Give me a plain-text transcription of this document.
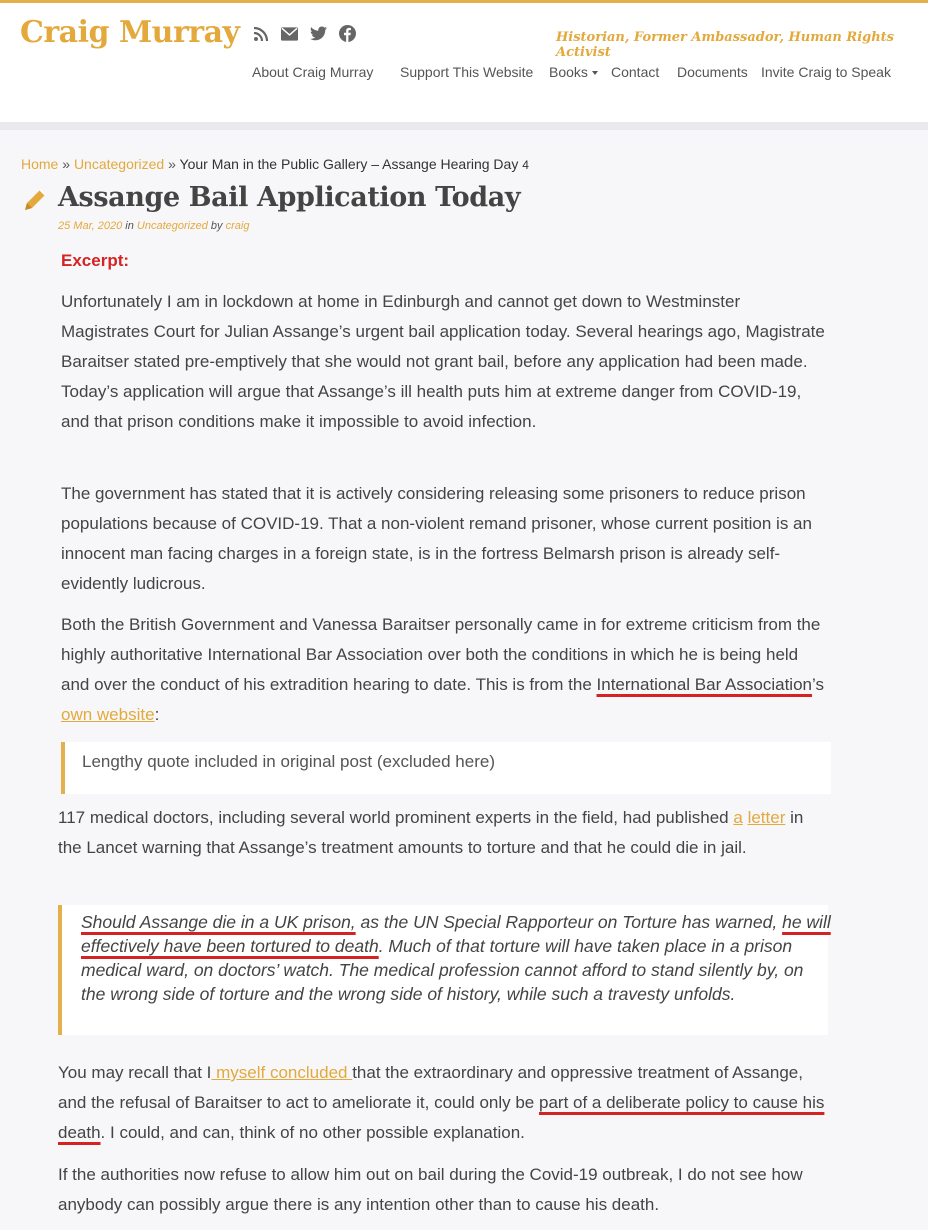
Craig Murray	Historian, Former Ambassador, Human Rights Activist
About Craig Murray Support This Website Books	Contact Documents Invite Craig to Speak
Home » Uncategorized » Your Man in the Public Gallery – Assange Hearing Day 4
Assange Bail Application Today
25 Mar, 2020 in Uncategorized by craig
Excerpt:

Unfortunately I am in lockdown at home in Edinburgh and cannot get down to Westminster Magistrates Court for Julian Assange’s urgent bail application today. Several hearings ago, Magistrate Baraitser stated pre-emptively that she would not grant bail, before any application had been made. Today’s application will argue that Assange’s ill health puts him at extreme danger from COVID-19, and that prison conditions make it impossible to avoid infection.

The government has stated that it is actively considering releasing some prisoners to reduce prison populations because of COVID-19. That a non-violent remand prisoner, whose current position is an innocent man facing charges in a foreign state, is in the fortress Belmarsh prison is already self-evidently ludicrous.

Both the British Government and Vanessa Baraitser personally came in for extreme criticism from the highly authoritative International Bar Association over both the conditions in which he is being held and over the conduct of his extradition hearing to date. This is from the International Bar Association’s own website:

Lengthy quote included in original post (excluded here)

117 medical doctors, including several world prominent experts in the field, had published a letter in the Lancet warning that Assange’s treatment amounts to torture and that he could die in jail.

Should Assange die in a UK prison, as the UN Special Rapporteur on Torture has warned, he will effectively have been tortured to death. Much of that torture will have taken place in a prison medical ward, on doctors’ watch. The medical profession cannot afford to stand silently by, on the wrong side of torture and the wrong side of history, while such a travesty unfolds.

You may recall that I myself concluded that the extraordinary and oppressive treatment of Assange, and the refusal of Baraitser to act to ameliorate it, could only be part of a deliberate policy to cause his death. I could, and can, think of no other possible explanation.

If the authorities now refuse to allow him out on bail during the Covid-19 outbreak, I do not see how anybody can possibly argue there is any intention other than to cause his death.
